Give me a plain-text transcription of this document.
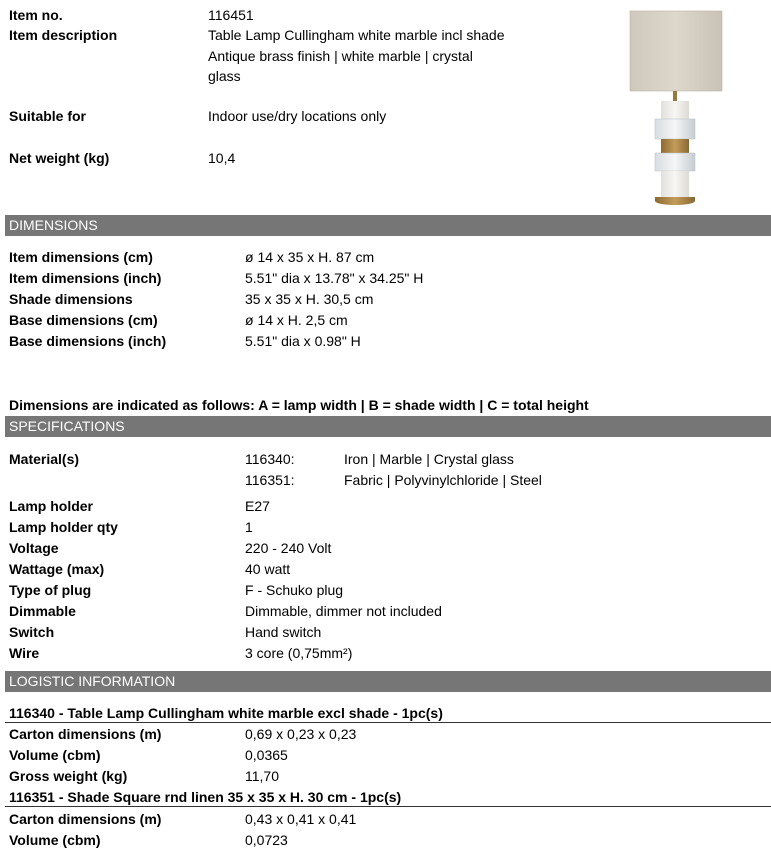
Item no.	116451
Item description	Table Lamp Cullingham white marble incl shade
Antique brass finish | white marble | crystal
glass
Suitable for	Indoor use/dry locations only
Net weight (kg)	10,4
DIMENSIONS
Item dimensions (cm)	ø 14 x 35 x H. 87 cm
Item dimensions (inch)	5.51" dia x 13.78" x 34.25" H
Shade dimensions	35 x 35 x H. 30,5 cm
Base dimensions (cm)	ø 14 x H. 2,5 cm
Base dimensions (inch)	5.51" dia x 0.98" H
Dimensions are indicated as follows: A = lamp width | B = shade width | C = total height
SPECIFICATIONS
Material(s)	116340:	Iron | Marble | Crystal glass
116351:	Fabric | Polyvinylchloride | Steel
Lamp holder	E27
Lamp holder qty	1
Voltage	220 - 240 Volt
Wattage (max)	40 watt
Type of plug	F - Schuko plug
Dimmable	Dimmable, dimmer not included
Switch	Hand switch
Wire	3 core (0,75mm²)
LOGISTIC INFORMATION
116340 - Table Lamp Cullingham white marble excl shade - 1pc(s)
Carton dimensions (m)	0,69 x 0,23 x 0,23
Volume (cbm)	0,0365
Gross weight (kg)	11,70
116351 - Shade Square rnd linen 35 x 35 x H. 30 cm - 1pc(s)
Carton dimensions (m)	0,43 x 0,41 x 0,41
Volume (cbm)	0,0723
